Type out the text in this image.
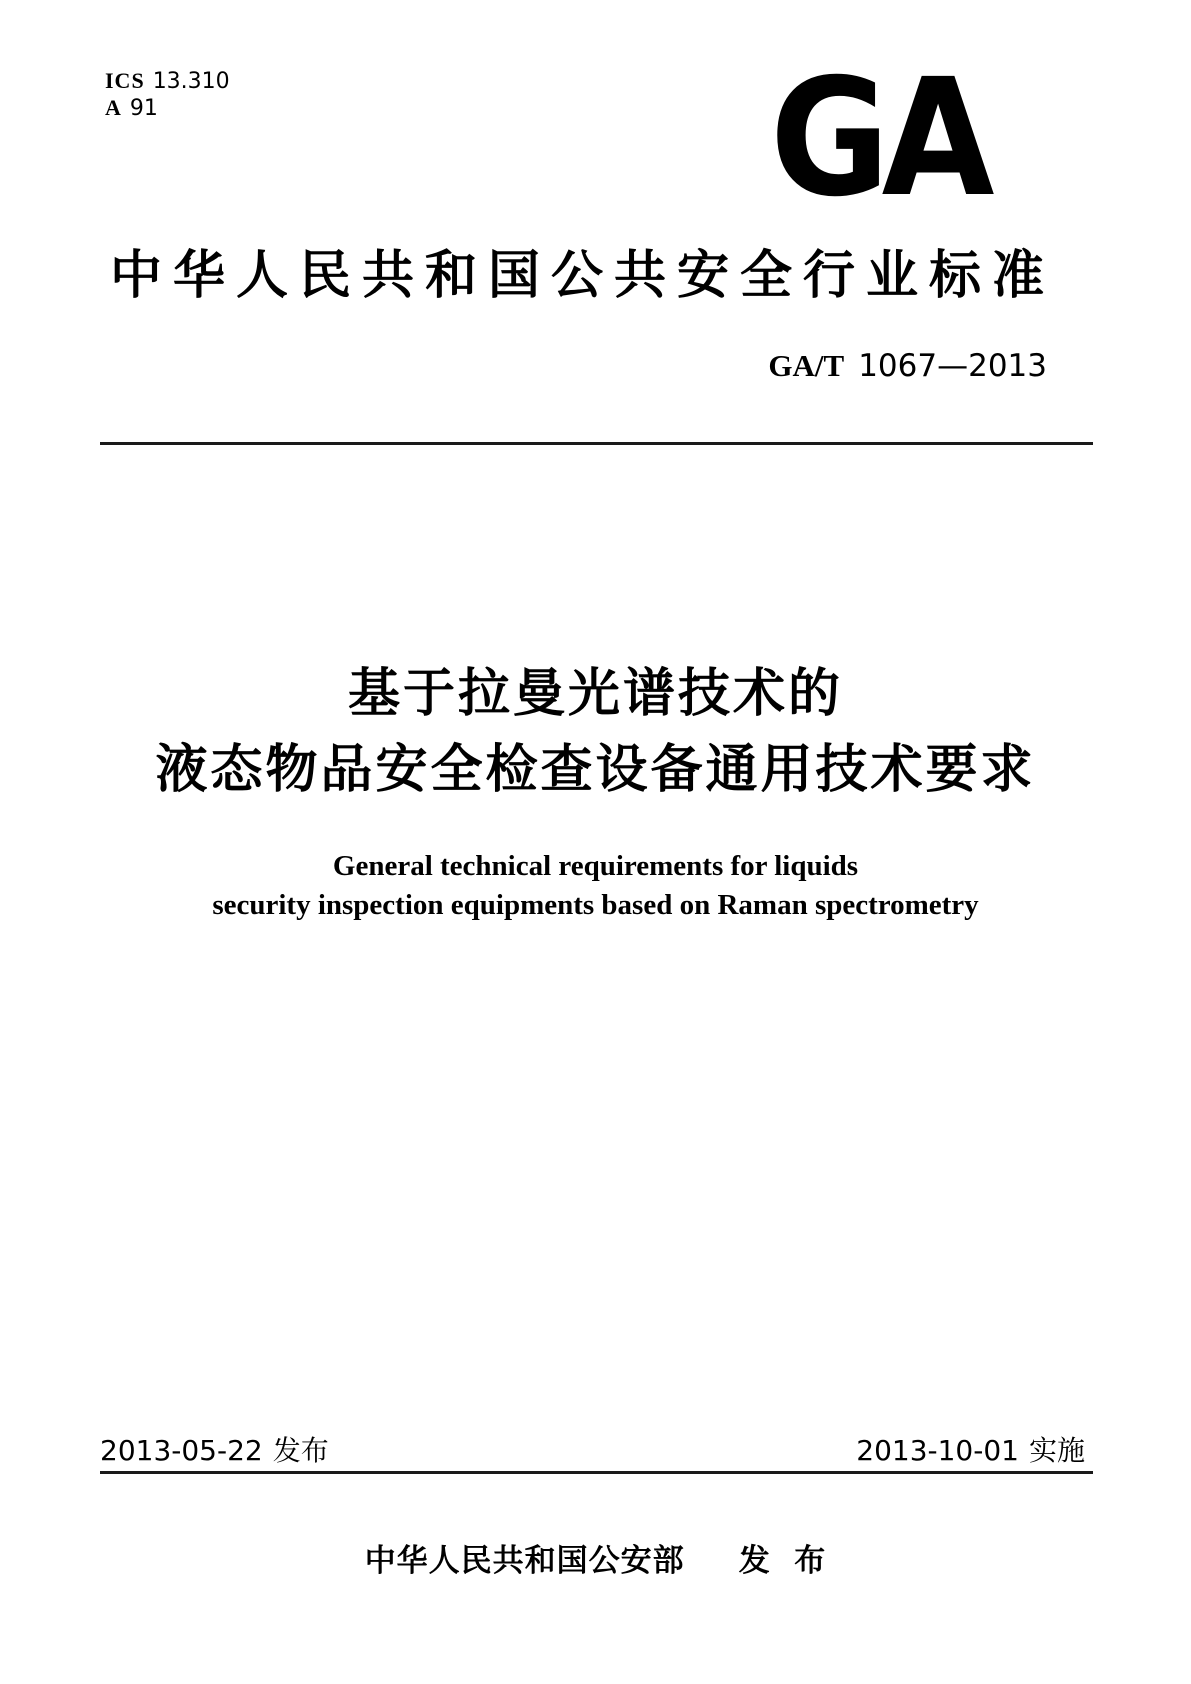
ICS 13.310
A 91	GA
中华人民共和国公共安全行业标准
GA/T 1067—2013
基于拉曼光谱技术的
液态物品安全检查设备通用技术要求
General technical requirements for liquids
security inspection equipments based on Raman spectrometry
2013-05-22 发布	2013-10-01 实施
中华人民共和国公安部 发 布
